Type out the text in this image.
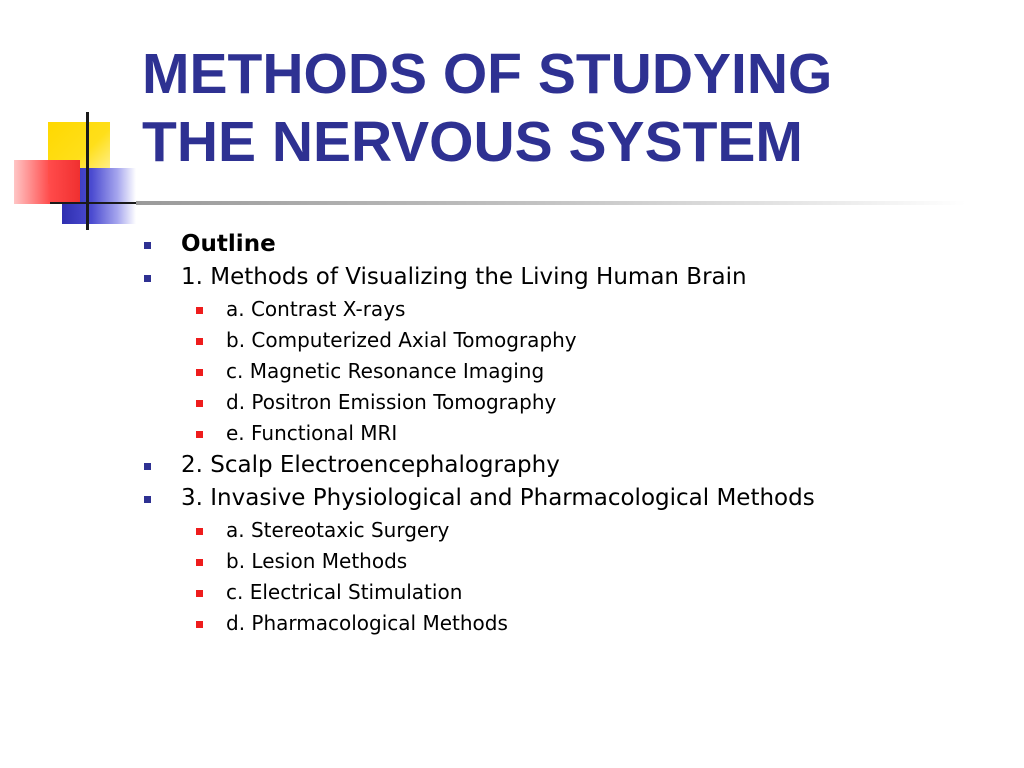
METHODS OF STUDYING
THE NERVOUS SYSTEM
Outline
1. Methods of Visualizing the Living Human Brain
a. Contrast X-rays
b. Computerized Axial Tomography
c. Magnetic Resonance Imaging
d. Positron Emission Tomography
e. Functional MRI
2. Scalp Electroencephalography
3. Invasive Physiological and Pharmacological Methods
a. Stereotaxic Surgery
b. Lesion Methods
c. Electrical Stimulation
d. Pharmacological Methods
